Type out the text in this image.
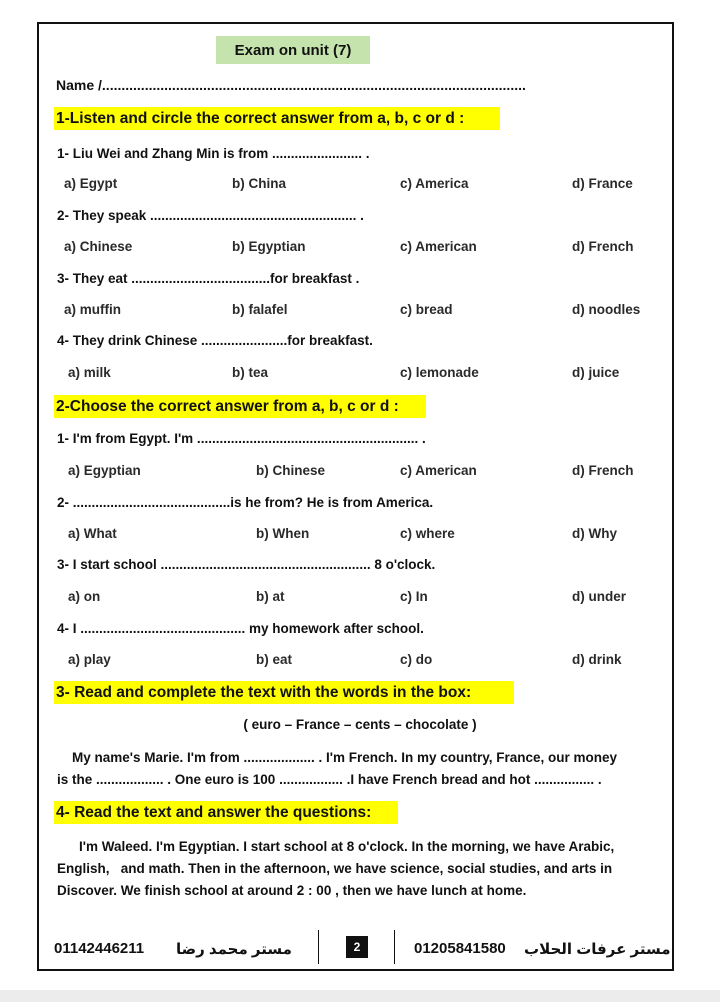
Exam on unit (7)
Name /.............................................................................................................
1-Listen and circle the correct answer from a, b, c or d :
1- Liu Wei and Zhang Min is from ........................ .
a) Egypt	b) China	c) America	d) France
2- They speak ....................................................... .
a) Chinese	b) Egyptian	c) American	d) French
3- They eat .....................................for breakfast .
a) muffin	b) falafel	c) bread	d) noodles
4- They drink Chinese .......................for breakfast.
a) milk	b) tea	c) lemonade	d) juice
2-Choose the correct answer from a, b, c or d :
1- I'm from Egypt. I'm ........................................................... .
a) Egyptian	b) Chinese	c) American	d) French
2- ..........................................is he from? He is from America.
a) What	b) When	c) where	d) Why
3- I start school ........................................................ 8 o'clock.
a) on	b) at	c) In	d) under
4- I ............................................ my homework after school.
a) play	b) eat	c) do	d) drink
3- Read and complete the text with the words in the box:
( euro – France – cents – chocolate )
My name's Marie. I'm from ................... . I'm French. In my country, France, our money
is the .................. . One euro is 100 ................. .I have French bread and hot ................ .
4- Read the text and answer the questions:
I'm Waleed. I'm Egyptian. I start school at 8 o'clock. In the morning, we have Arabic,
English,   and math. Then in the afternoon, we have science, social studies, and arts in
Discover. We finish school at around 2 : 00 , then we have lunch at home.
01142446211 مستر محمد رضا	2	01205841580 مستر عرفات الحلاب
